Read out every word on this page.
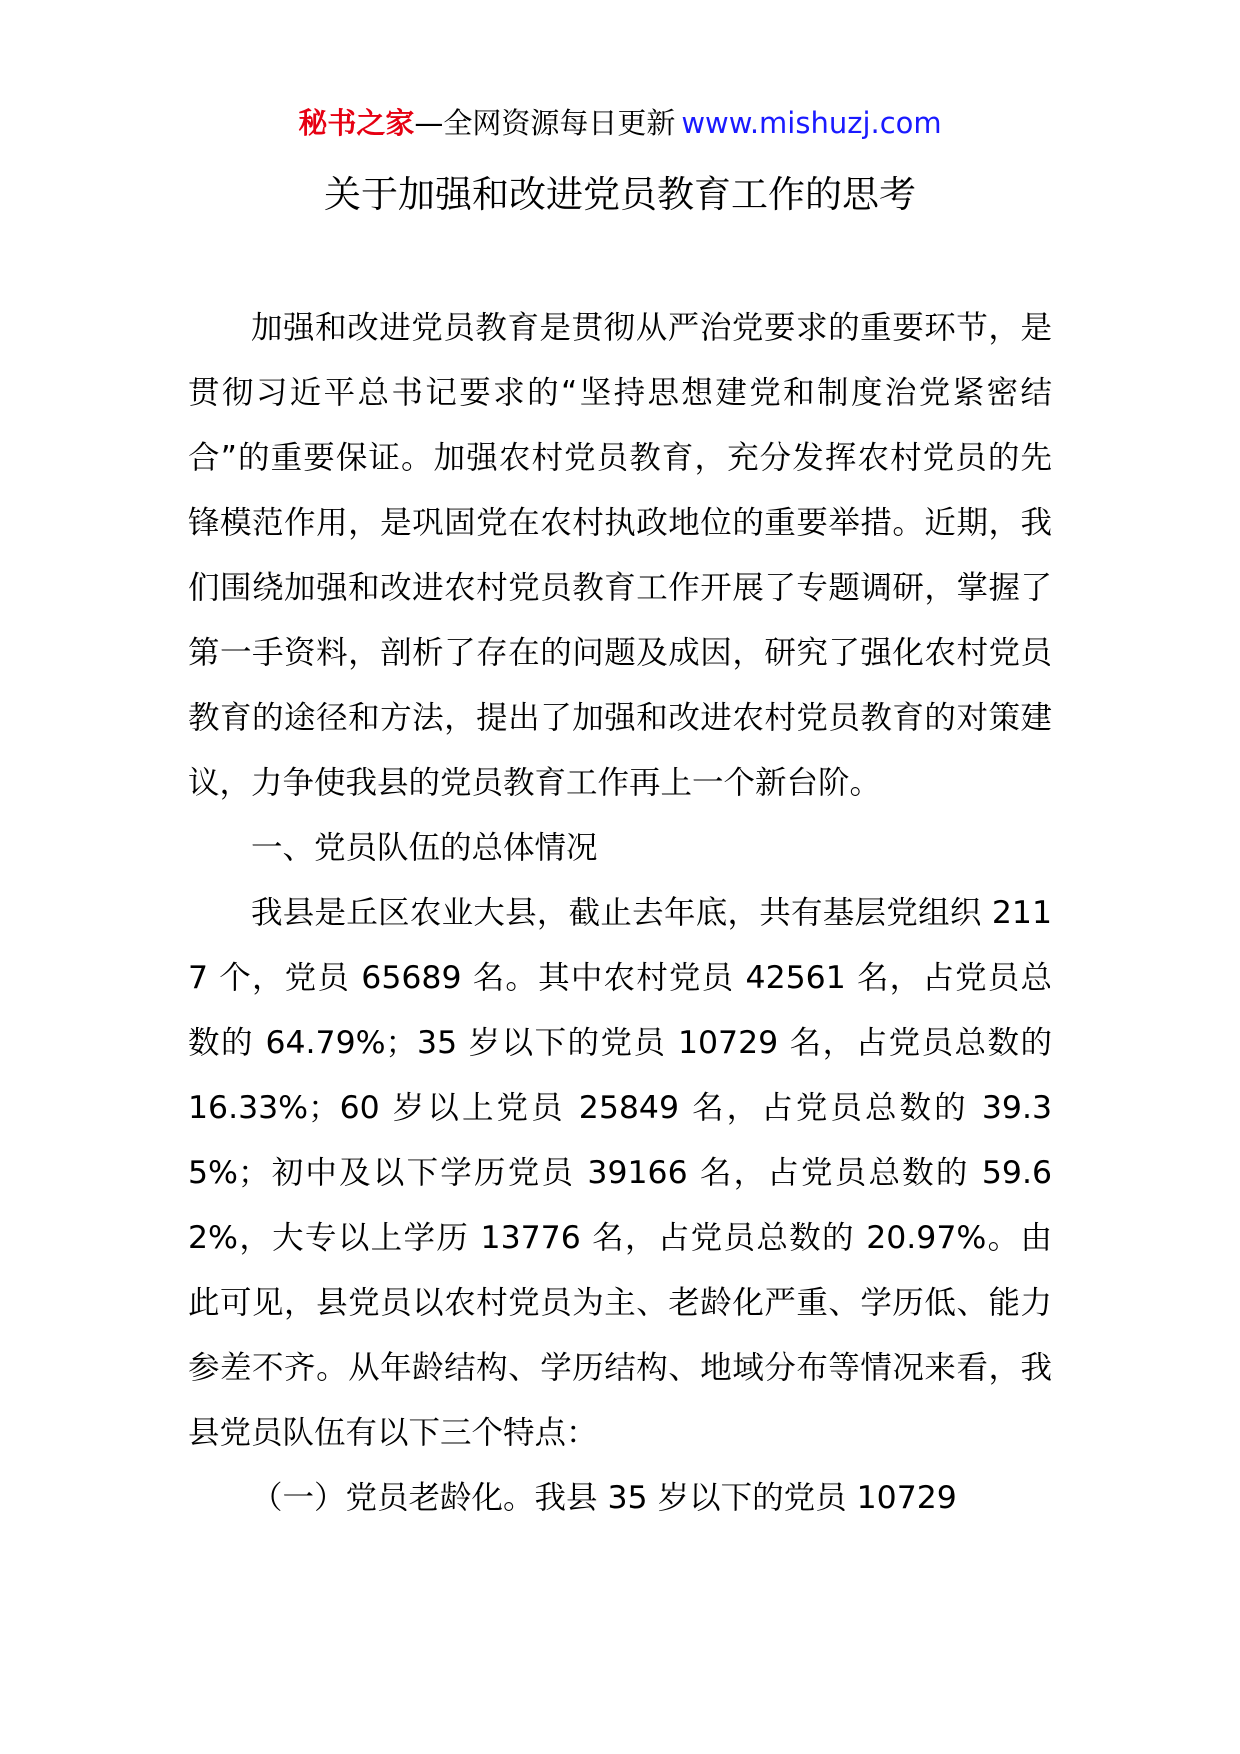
秘书之家—全网资源每日更新 www.mishuzj.com
关于加强和改进党员教育工作的思考

加强和改进党员教育是贯彻从严治党要求的重要环节，是贯彻习近平总书记要求的“坚持思想建党和制度治党紧密结合”的重要保证。加强农村党员教育，充分发挥农村党员的先锋模范作用，是巩固党在农村执政地位的重要举措。近期，我们围绕加强和改进农村党员教育工作开展了专题调研，掌握了第一手资料，剖析了存在的问题及成因，研究了强化农村党员教育的途径和方法，提出了加强和改进农村党员教育的对策建议，力争使我县的党员教育工作再上一个新台阶。

一、党员队伍的总体情况

我县是丘区农业大县，截止去年底，共有基层党组织 2117 个，党员 65689 名。其中农村党员 42561 名，占党员总数的 64.79%；35 岁以下的党员 10729 名，占党员总数的 16.33%；60 岁以上党员 25849 名，占党员总数的 39.35%；初中及以下学历党员 39166 名，占党员总数的 59.62%，大专以上学历 13776 名，占党员总数的 20.97%。由此可见，县党员以农村党员为主、老龄化严重、学历低、能力参差不齐。从年龄结构、学历结构、地域分布等情况来看，我县党员队伍有以下三个特点：

（一）党员老龄化。我县 35 岁以下的党员 10729
